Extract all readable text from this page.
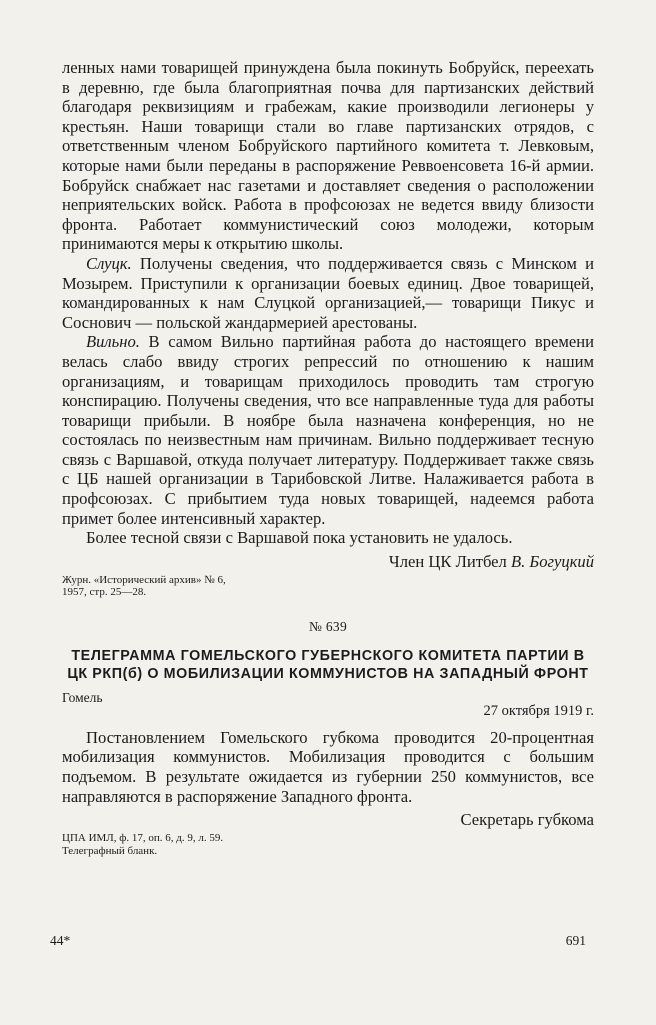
ленных нами товарищей принуждена была покинуть Бобруйск, переехать в деревню, где была благоприятная почва для партизанских действий благодаря реквизициям и грабежам, какие производили легионеры у крестьян. Наши товарищи стали во главе партизанских отрядов, с ответственным членом Бобруйского партийного комитета т. Левковым, которые нами были переданы в распоряжение Реввоенсовета 16-й армии. Бобруйск снабжает нас газетами и доставляет сведения о расположении неприятельских войск. Работа в профсоюзах не ведется ввиду близости фронта. Работает коммунистический союз молодежи, которым принимаются меры к открытию школы.

Слуцк. Получены сведения, что поддерживается связь с Минском и Мозырем. Приступили к организации боевых единиц. Двое товарищей, командированных к нам Слуцкой организацией,— товарищи Пикус и Соснович — польской жандармерией арестованы.

Вильно. В самом Вильно партийная работа до настоящего времени велась слабо ввиду строгих репрессий по отношению к нашим организациям, и товарищам приходилось проводить там строгую конспирацию. Получены сведения, что все направленные туда для работы товарищи прибыли. В ноябре была назначена конференция, но не состоялась по неизвестным нам причинам. Вильно поддерживает тесную связь с Варшавой, откуда получает литературу. Поддерживает также связь с ЦБ нашей организации в Тарибовской Литве. Налаживается работа в профсоюзах. С прибытием туда новых товарищей, надеемся работа примет более интенсивный характер.

Более тесной связи с Варшавой пока установить не удалось.

Член ЦК Литбел В. Богуцкий

Журн. «Исторический архив» № 6,
1957, стр. 25—28.

№ 639

ТЕЛЕГРАММА ГОМЕЛЬСКОГО ГУБЕРНСКОГО КОМИТЕТА ПАРТИИ В ЦК РКП(б) О МОБИЛИЗАЦИИ КОММУНИСТОВ НА ЗАПАДНЫЙ ФРОНТ

Гомель
27 октября 1919 г.

Постановлением Гомельского губкома проводится 20-процентная мобилизация коммунистов. Мобилизация проводится с большим подъемом. В результате ожидается из губернии 250 коммунистов, все направляются в распоряжение Западного фронта.

Секретарь губкома

ЦПА ИМЛ, ф. 17, оп. 6, д. 9, л. 59.
Телеграфный бланк.

44*	691
